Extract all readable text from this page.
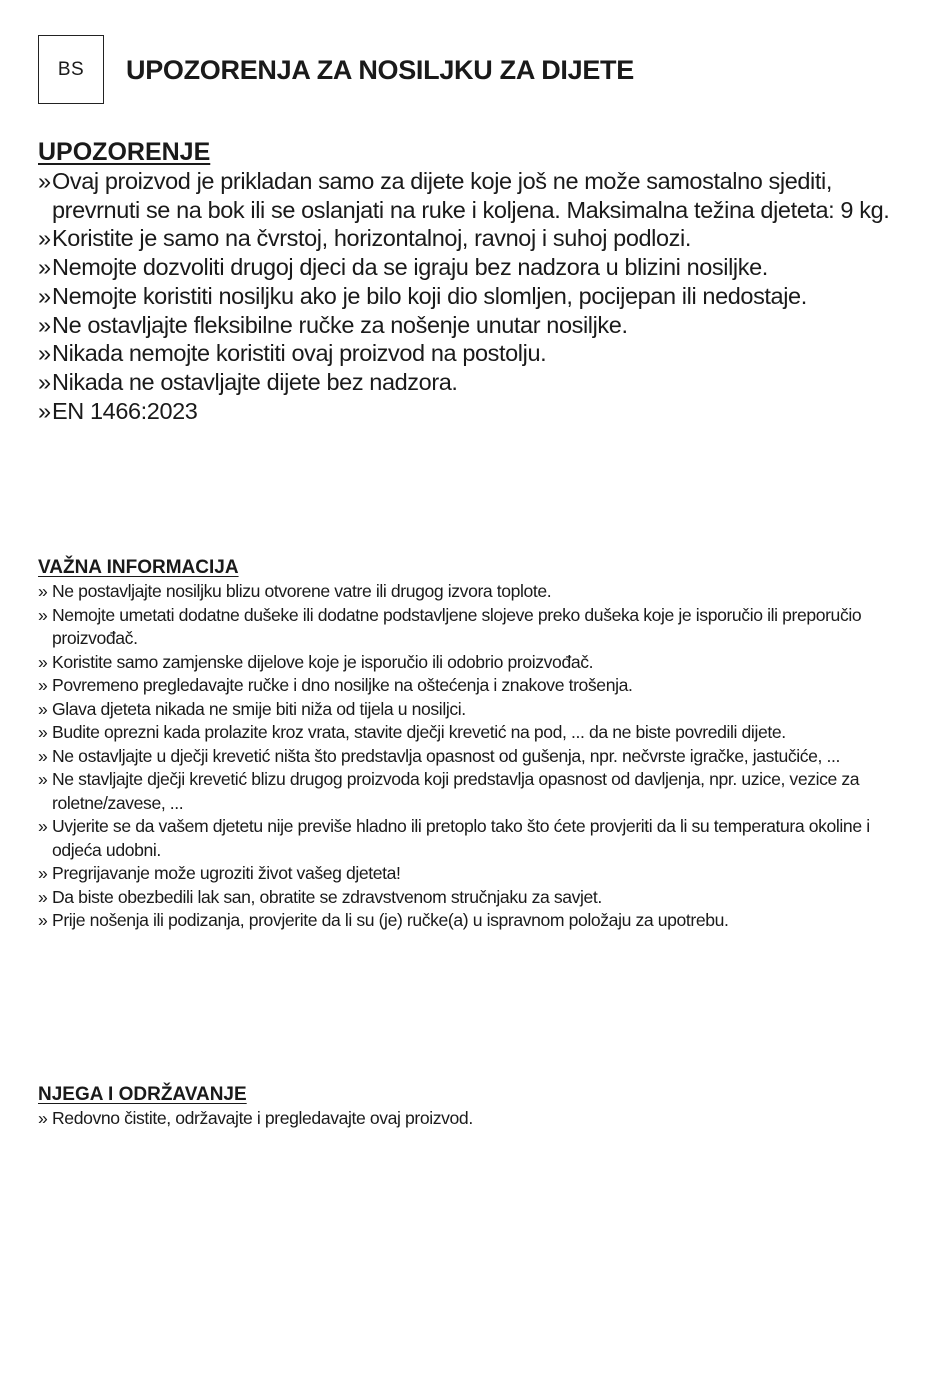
BS	UPOZORENJA ZA NOSILJKU ZA DIJETE
UPOZORENJE
» Ovaj proizvod je prikladan samo za dijete koje još ne može samostalno sjediti, prevrnuti se na bok ili se oslanjati na ruke i koljena. Maksimalna težina djeteta: 9 kg.
» Koristite je samo na čvrstoj, horizontalnoj, ravnoj i suhoj podlozi.
» Nemojte dozvoliti drugoj djeci da se igraju bez nadzora u blizini nosiljke.
» Nemojte koristiti nosiljku ako je bilo koji dio slomljen, pocijepan ili nedostaje.
» Ne ostavljajte fleksibilne ručke za nošenje unutar nosiljke.
» Nikada nemojte koristiti ovaj proizvod na postolju.
» Nikada ne ostavljajte dijete bez nadzora.
» EN 1466:2023
VAŽNA INFORMACIJA
» Ne postavljajte nosiljku blizu otvorene vatre ili drugog izvora toplote.
» Nemojte umetati dodatne dušeke ili dodatne podstavljene slojeve preko dušeka koje je isporučio ili preporučio proizvođač.
» Koristite samo zamjenske dijelove koje je isporučio ili odobrio proizvođač.
» Povremeno pregledavajte ručke i dno nosiljke na oštećenja i znakove trošenja.
» Glava djeteta nikada ne smije biti niža od tijela u nosiljci.
» Budite oprezni kada prolazite kroz vrata, stavite dječji krevetić na pod, ... da ne biste povredili dijete.
» Ne ostavljajte u dječji krevetić ništa što predstavlja opasnost od gušenja, npr. nečvrste igračke, jastučiće, ...
» Ne stavljajte dječji krevetić blizu drugog proizvoda koji predstavlja opasnost od davljenja, npr. uzice, vezice za roletne/zavese, ...
» Uvjerite se da vašem djetetu nije previše hladno ili pretoplo tako što ćete provjeriti da li su temperatura okoline i odjeća udobni.
» Pregrijavanje može ugroziti život vašeg djeteta!
» Da biste obezbedili lak san, obratite se zdravstvenom stručnjaku za savjet.
» Prije nošenja ili podizanja, provjerite da li su (je) ručke(a) u ispravnom položaju za upotrebu.
NJEGA I ODRŽAVANJE
» Redovno čistite, održavajte i pregledavajte ovaj proizvod.
